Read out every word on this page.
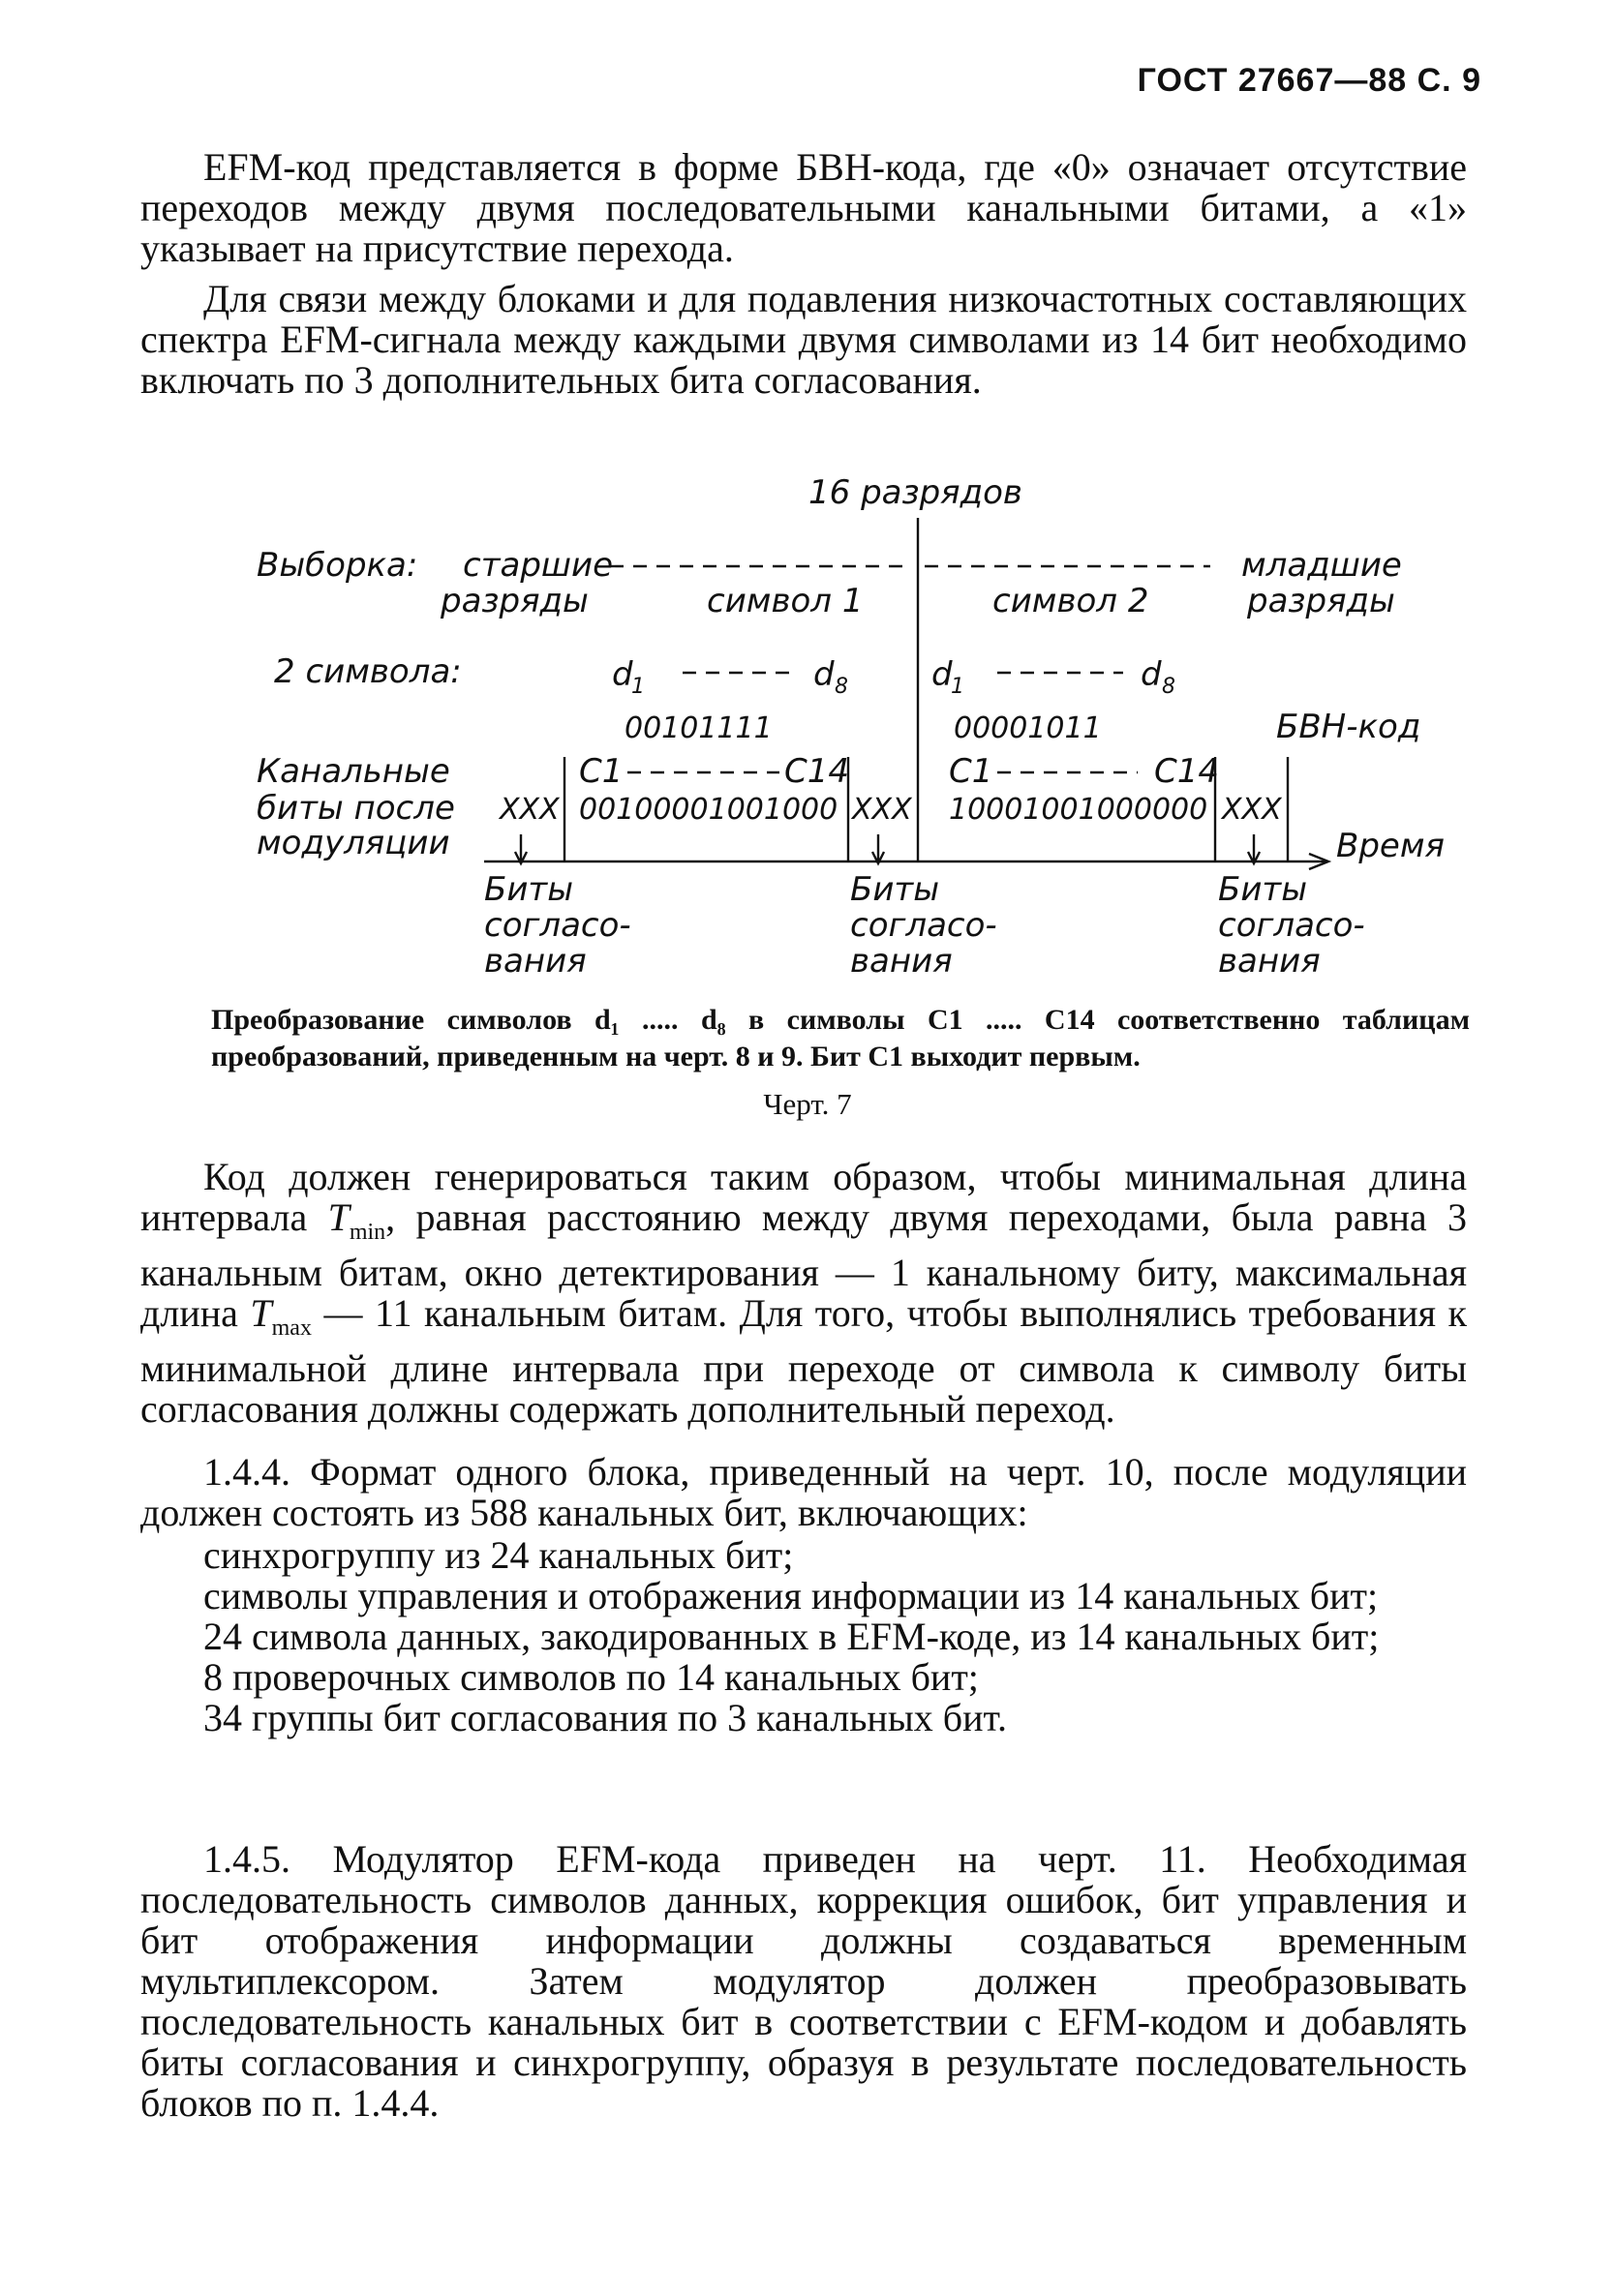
ГОСТ 27667—88 С. 9

EFM-код представляется в форме БВН-кода, где «0» означает отсутствие переходов между двумя последовательными канальными битами, а «1» указывает на присутствие перехода.

Для связи между блоками и для подавления низкочастотных составляющих спектра EFM-сигнала между каждыми двумя символами из 14 бит необходимо включать по 3 дополнительных бита согласования.

16 разрядов
Выборка: старшие
разряды
младшие
разряды
символ 1	символ 2
2 символа:	d
1	d 8	d
1	d 8
00101111	00001011	БВН-код
Канальные
биты после
модуляции
C1	C14	C1	C14
XXX 00100001001000 XXX 10001001000000 XXX
Время
Биты
согласо-
вания
Биты
согласо-
вания
Биты
согласо-
вания

Преобразование символов d₁ ..... d₈ в символы C1 ..... C14 соответственно таблицам преобразований, приведенным на черт. 8 и 9. Бит C1 выходит первым.

Черт. 7

Код должен генерироваться таким образом, чтобы минимальная длина интервала $T_{min}$, равная расстоянию между двумя переходами, была равна 3 канальным битам, окно детектирования — 1 канальному биту, максимальная длина $T_{max}$ — 11 канальным битам. Для того, чтобы выполнялись требования к минимальной длине интервала при переходе от символа к символу биты согласования должны содержать дополнительный переход.

1.4.4. Формат одного блока, приведенный на черт. 10, после модуляции должен состоять из 588 канальных бит, включающих:

синхрогруппу из 24 канальных бит;
символы управления и отображения информации из 14 канальных бит;
24 символа данных, закодированных в EFM-коде, из 14 канальных бит;
8 проверочных символов по 14 канальных бит;
34 группы бит согласования по 3 канальных бит.

1.4.5. Модулятор EFM-кода приведен на черт. 11. Необходимая последовательность символов данных, коррекция ошибок, бит управления и бит отображения информации должны создаваться временным мультиплексором. Затем модулятор должен преобразовывать последовательность канальных бит в соответствии с EFM-кодом и добавлять биты согласования и синхрогруппу, образуя в результате последовательность блоков по п. 1.4.4.
